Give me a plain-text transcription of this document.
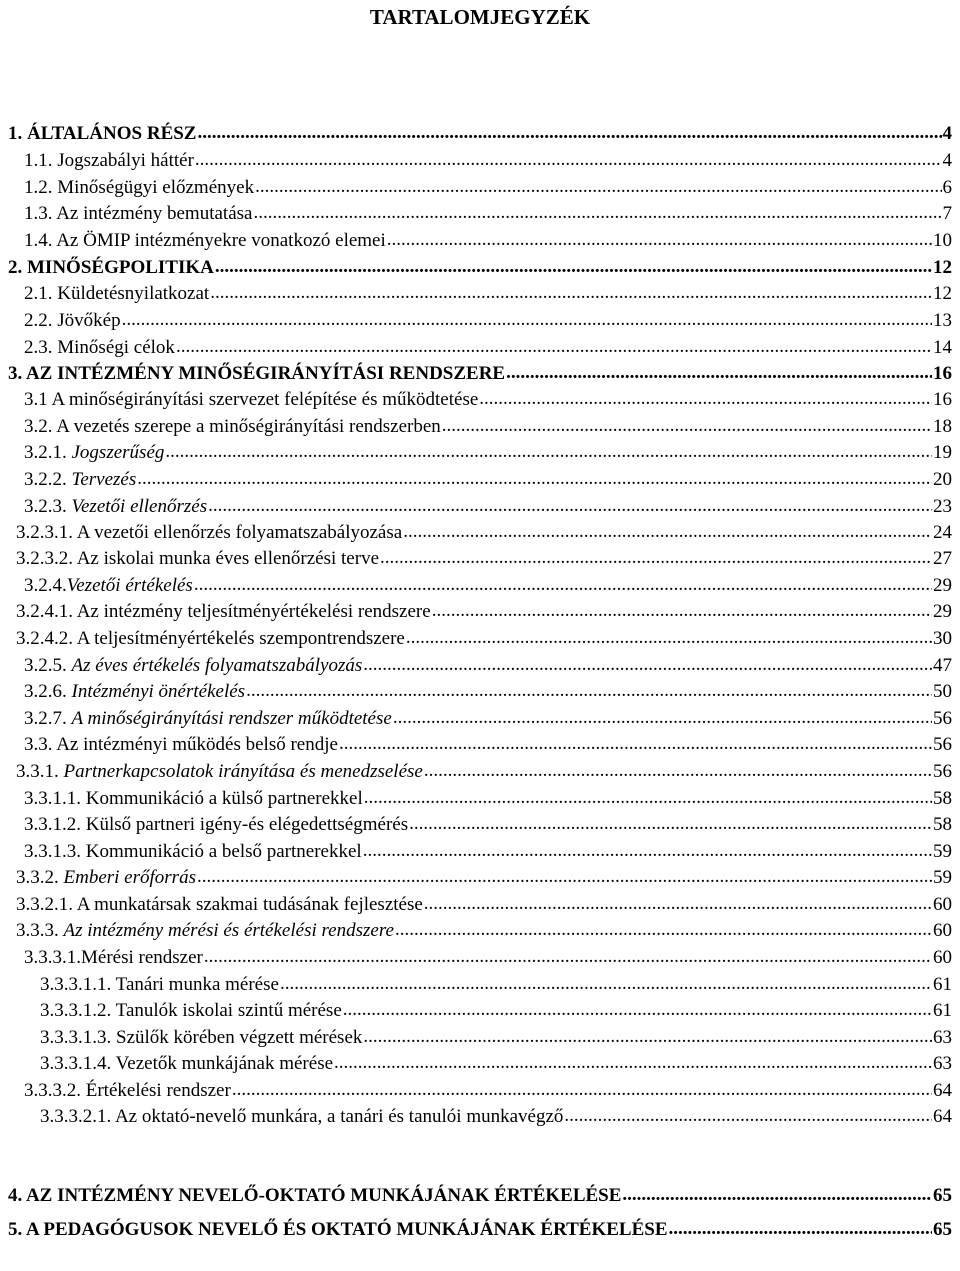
TARTALOMJEGYZÉK
1. ÁLTALÁNOS RÉSZ .....	4
1.1. Jogszabályi háttér .....	4
1.2. Minőségügyi előzmények .....	6
1.3. Az intézmény bemutatása .....	7
1.4. Az ÖMIP intézményekre vonatkozó elemei .....	10
2. MINŐSÉGPOLITIKA .....	12
2.1. Küldetésnyilatkozat .....	12
2.2. Jövőkép .....	13
2.3. Minőségi célok .....	14
3. AZ INTÉZMÉNY MINŐSÉGIRÁNYÍTÁSI RENDSZERE .....	16
3.1 A minőségirányítási szervezet felépítése és működtetése .....	16
3.2. A vezetés szerepe a minőségirányítási rendszerben .....	18
3.2.1. Jogszerűség .....	19
3.2.2. Tervezés .....	20
3.2.3. Vezetői ellenőrzés .....	23
3.2.3.1. A vezetői ellenőrzés folyamatszabályozása .....	24
3.2.3.2. Az iskolai munka éves ellenőrzési terve .....	27
3.2.4.Vezetői értékelés .....	29
3.2.4.1. Az intézmény teljesítményértékelési rendszere .....	29
3.2.4.2. A teljesítményértékelés szempontrendszere .....	30
3.2.5. Az éves értékelés folyamatszabályozás .....	47
3.2.6. Intézményi önértékelés .....	50
3.2.7. A minőségirányítási rendszer működtetése .....	56
3.3. Az intézményi működés belső rendje .....	56
3.3.1. Partnerkapcsolatok irányítása és menedzselése .....	56
3.3.1.1. Kommunikáció a külső partnerekkel .....	58
3.3.1.2. Külső partneri igény-és elégedettségmérés .....	58
3.3.1.3. Kommunikáció a belső partnerekkel .....	59
3.3.2. Emberi erőforrás .....	59
3.3.2.1. A munkatársak szakmai tudásának fejlesztése .....	60
3.3.3. Az intézmény mérési és értékelési rendszere .....	60
3.3.3.1.Mérési rendszer .....	60
3.3.3.1.1. Tanári munka mérése .....	61
3.3.3.1.2. Tanulók iskolai szintű mérése .....	61
3.3.3.1.3. Szülők körében végzett mérések .....	63
3.3.3.1.4. Vezetők munkájának mérése .....	63
3.3.3.2. Értékelési rendszer .....	64
3.3.3.2.1. Az oktató-nevelő munkára, a tanári és tanulói munkavégző .....	64
4. AZ INTÉZMÉNY NEVELŐ-OKTATÓ MUNKÁJÁNAK ÉRTÉKELÉSE .....	65
5. A PEDAGÓGUSOK NEVELŐ ÉS OKTATÓ MUNKÁJÁNAK ÉRTÉKELÉSE .....	65
